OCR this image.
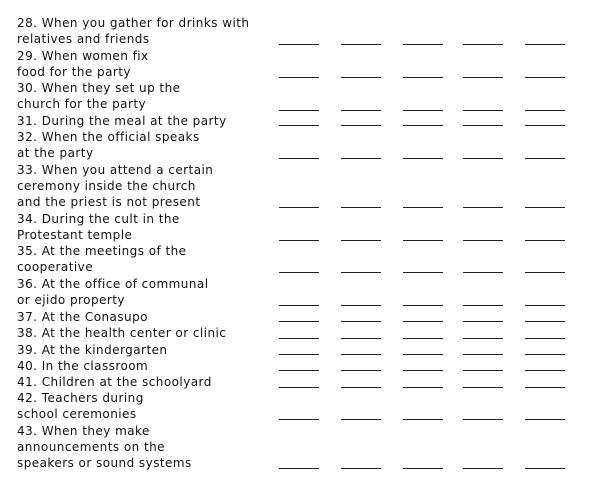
28. When you gather for drinks with
relatives and friends
29. When women fix
food for the party
30. When they set up the
church for the party
31. During the meal at the party
32. When the official speaks
at the party
33. When you attend a certain
ceremony inside the church
and the priest is not present
34. During the cult in the
Protestant temple
35. At the meetings of the
cooperative
36. At the office of communal
or ejido property
37. At the Conasupo
38. At the health center or clinic
39. At the kindergarten
40. In the classroom
41. Children at the schoolyard
42. Teachers during
school ceremonies
43. When they make
announcements on the
speakers or sound systems
